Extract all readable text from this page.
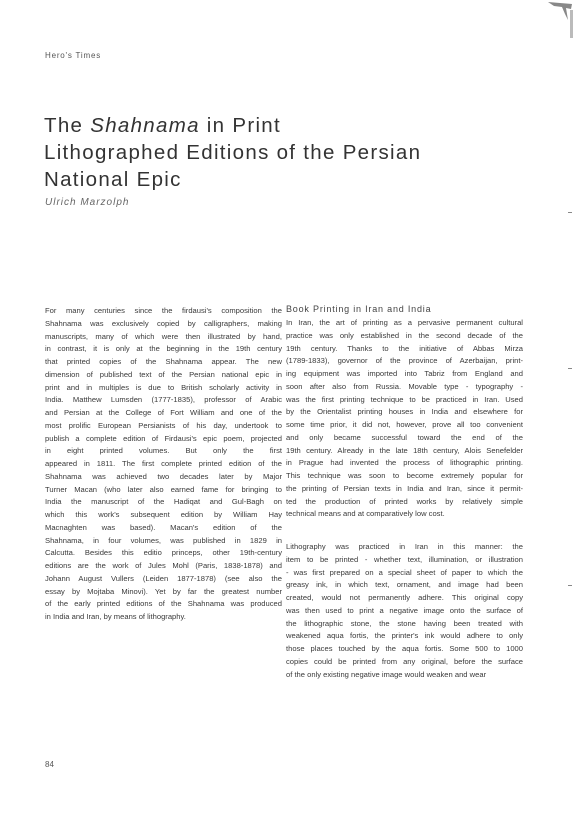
Hero's Times
The Shahnama in Print
Lithographed Editions of the Persian
National Epic
Ulrich Marzolph

For many centuries since the firdausi's composition the
Shahnama was exclusively copied by calligraphers, making
manuscripts, many of which were then illustrated by hand,
in contrast, it is only at the beginning in the 19th century
that printed copies of the Shahnama appear. The new
dimension of published text of the Persian national epic in
print and in multiples is due to British scholarly activity in
India. Matthew Lumsden (1777-1835), professor of Arabic
and Persian at the College of Fort William and one of the
most prolific European Persianists of his day, undertook to
publish a complete edition of Firdausi's epic poem, projected
in eight printed volumes. But only the first
appeared in 1811. The first complete printed edition of the
Shahnama was achieved two decades later by Major
Turner Macan (who later also earned fame for bringing to
India the manuscript of the Hadiqat and Gul-Bagh on
which this work's subsequent edition by William Hay
Macnaghten was based). Macan's edition of the
Shahnama, in four volumes, was published in 1829 in
Calcutta. Besides this editio princeps, other 19th-century
editions are the work of Jules Mohl (Paris, 1838-1878) and
Johann August Vullers (Leiden 1877-1878) (see also the
essay by Mojtaba Minovi). Yet by far the greatest number
of the early printed editions of the Shahnama was produced
in India and Iran, by means of lithography.

Book Printing in Iran and India

In Iran, the art of printing as a pervasive permanent cultural
practice was only established in the second decade of the
19th century. Thanks to the initiative of Abbas Mirza
(1789-1833), governor of the province of Azerbaijan, print-
ing equipment was imported into Tabriz from England and
soon after also from Russia. Movable type - typography -
was the first printing technique to be practiced in Iran. Used
by the Orientalist printing houses in India and elsewhere for
some time prior, it did not, however, prove all too convenient
and only became successful toward the end of the
19th century. Already in the late 18th century, Alois Senefelder
in Prague had invented the process of lithographic printing.
This technique was soon to become extremely popular for
the printing of Persian texts in India and Iran, since it permit-
ted the production of printed works by relatively simple
technical means and at comparatively low cost.

Lithography was practiced in Iran in this manner: the
item to be printed - whether text, illumination, or illustration
- was first prepared on a special sheet of paper to which the
greasy ink, in which text, ornament, and image had been
created, would not permanently adhere. This original copy
was then used to print a negative image onto the surface of
the lithographic stone, the stone having been treated with
weakened aqua fortis, the printer's ink would adhere to only
those places touched by the aqua fortis. Some 500 to 1000
copies could be printed from any original, before the surface
of the only existing negative image would weaken and wear

84
